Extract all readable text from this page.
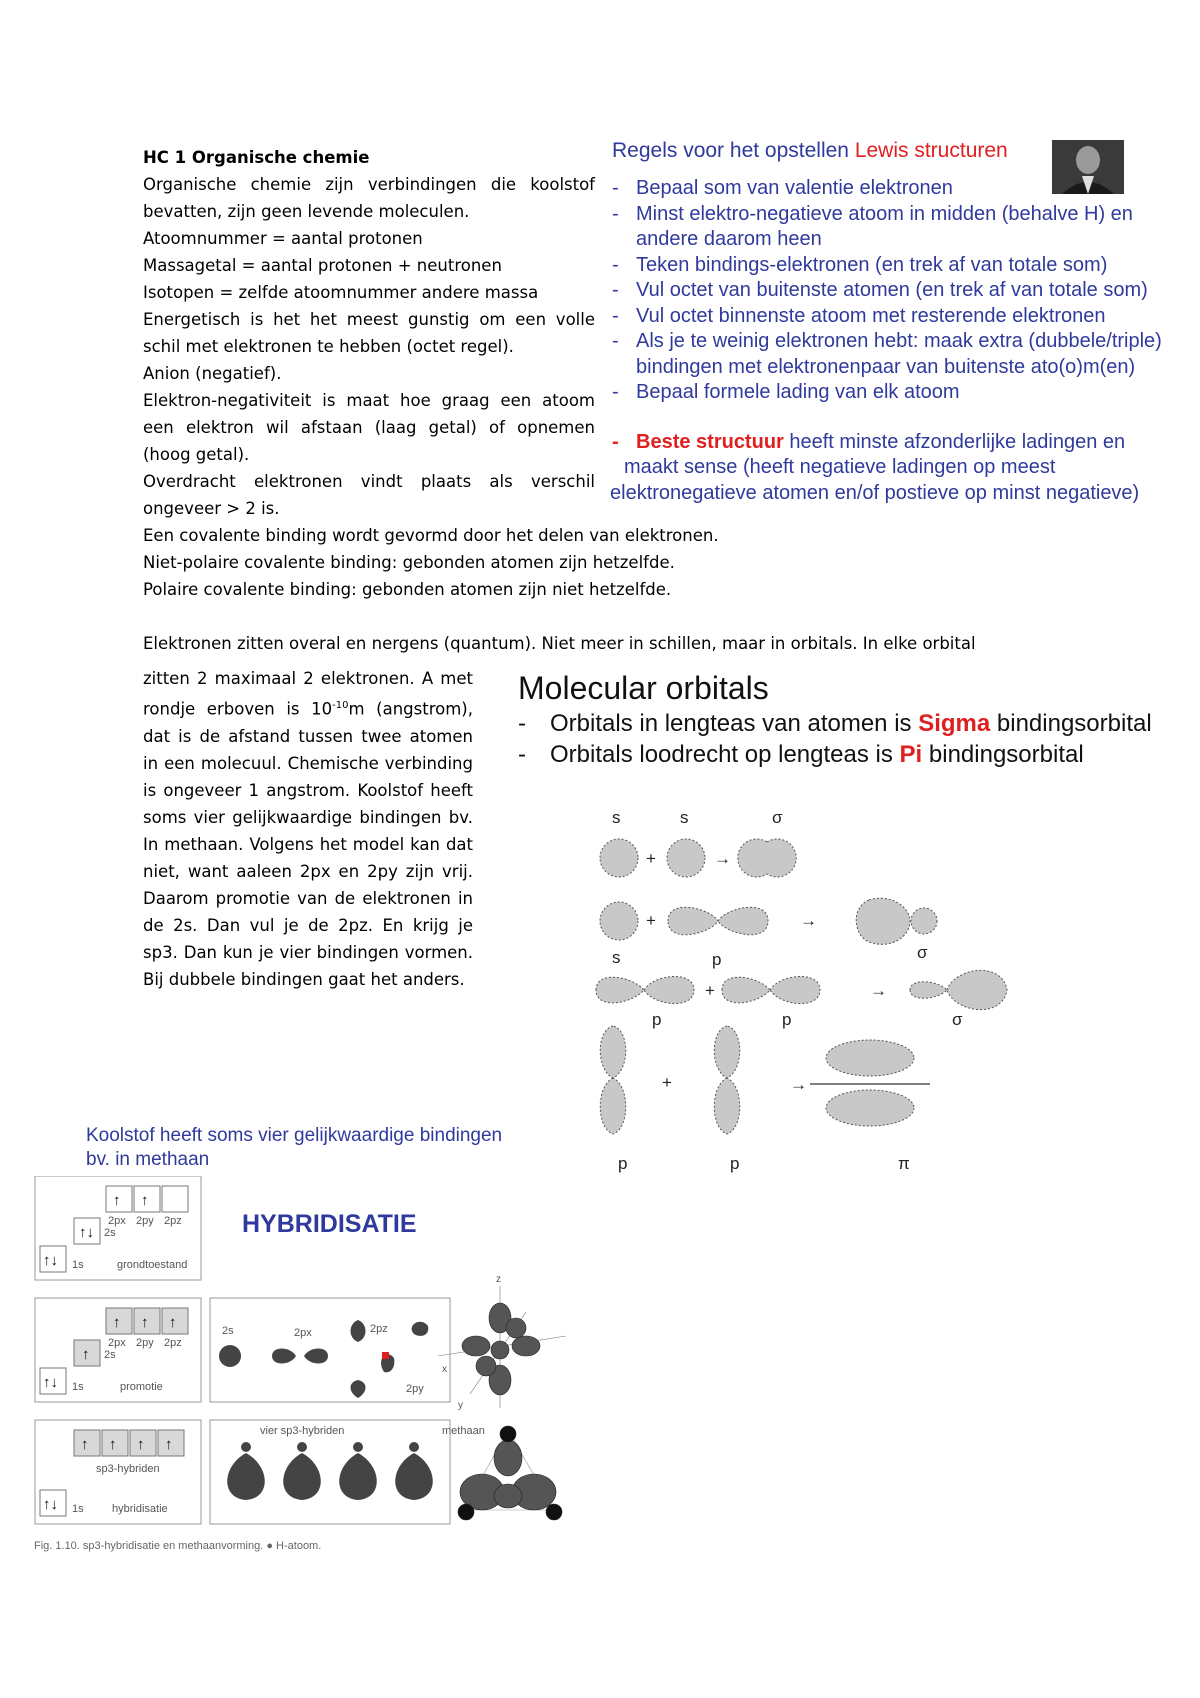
HC 1 Organische chemie
Organische chemie zijn verbindingen die koolstof bevatten, zijn geen levende moleculen.
Atoomnummer = aantal protonen
Massagetal = aantal protonen + neutronen
Isotopen = zelfde atoomnummer andere massa
Energetisch is het het meest gunstig om een volle schil met elektronen te hebben (octet regel).
Anion (negatief).
Elektron-negativiteit is maat hoe graag een atoom een elektron wil afstaan (laag getal) of opnemen (hoog getal).
Overdracht elektronen vindt plaats als verschil ongeveer > 2 is.
Een covalente binding wordt gevormd door het delen van elektronen.
Niet-polaire covalente binding: gebonden atomen zijn hetzelfde.
Polaire covalente binding: gebonden atomen zijn niet hetzelfde.
Elektronen zitten overal en nergens (quantum). Niet meer in schillen, maar in orbitals. In elke orbital

zitten 2 maximaal 2 elektronen. A met rondje erboven is $10^{-10}m$ (angstrom), dat is de afstand tussen twee atomen in een molecuul. Chemische verbinding is ongeveer 1 angstrom. Koolstof heeft soms vier gelijkwaardige bindingen bv. In methaan. Volgens het model kan dat niet, want aaleen 2px en 2py zijn vrij. Daarom promotie van de elektronen in de 2s. Dan vul je de 2pz. En krijg je sp3. Dan kun je vier bindingen vormen. Bij dubbele bindingen gaat het anders.

Regels voor het opstellen Lewis structuren
- Bepaal som van valentie elektronen
- Minst elektro-negatieve atoom in midden (behalve H) en andere daarom heen
- Teken bindings-elektronen (en trek af van totale som)
- Vul octet van buitenste atomen (en trek af van totale som)
- Vul octet binnenste atoom met resterende elektronen
- Als je te weinig elektronen hebt: maak extra (dubbele/triple) bindingen met elektronenpaar van buitenste ato(o)m(en)
- Bepaal formele lading van elk atoom
- Beste structuur heeft minste afzonderlijke ladingen en
maakt sense (heeft negatieve ladingen op meest
elektronegatieve atomen en/of postieve op minst negatieve)
Molecular orbitals
- Orbitals in lengteas van atomen is Sigma bindingsorbital
- Orbitals loodrecht op lengteas is Pi bindingsorbital
s	s	σ
+	→
s	p	σ
+	→
+	→
p	p	σ
+	→
p	p	π
Koolstof heeft soms vier gelijkwaardige bindingen
bv. in methaan
HYBRIDISATIE
2px 2py 2pz
2s
1s	grondtoestand
↑ ↑
↑↓
↑↓
2px 2py 2pz
2s
1s	promotie
↑ ↑ ↑
↑
↑↓
sp3-hybriden
1s	hybridisatie
↑ ↑ ↑ ↑
↑↓
2s	2px	2pz
2py
z
x
y
vier sp3-hybriden	methaan
Fig. 1.10. sp3-hybridisatie en methaanvorming. ● H-atoom.
